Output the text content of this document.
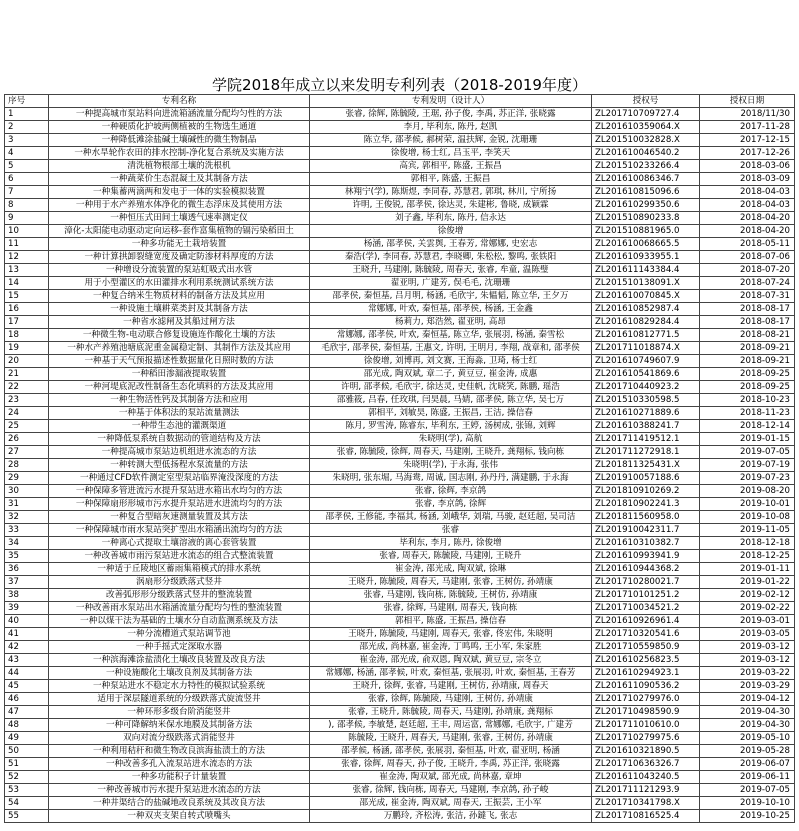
学院2018年成立以来发明专利列表（2018-2019年度）
序号	专利名称	专利发明（设计人）	授权号	授权日期
1	一种提高城市泵站料向进流箱涵流量分配均匀性的方法	张睿, 徐辉, 陈毓陵, 王琚, 孙子俊, 李禹, 苏正洋, 张晓露	ZL201710709727.4	2018/11/30
2	一种硬质化护坡两侧植被的生物选生通道	李月, 毕利东, 陈丹, 赵凯	ZL201610359064.X	2017-11-28
3	一种降低滩涂盐碱土壤碱性的微生物制品	陈立华, 邵孝候, 郝树荣, 温扶辉, 金锐, 沈珊珊	ZL201510032828.X	2017-12-15
4	一种水旱轮作农田的排水控制-净化复合系统及实施方法	徐俊增, 杨士红, 吕玉平, 李笑天	ZL201610046540.2	2017-12-26
5	清洗植物根部土壤的洗根机	高宾, 郭相平, 陈盛, 王振昌	ZL201510233266.4	2018-03-06
6	一种蔬菜价生态混凝土及其制备方法	郭相平, 陈盛, 王振昌	ZL201610086346.7	2018-03-09
7	一种集蓄两滴两和发电于一体的实验模拟装置	林翔宁(学), 陈斯煜, 李同春, 苏慧君, 郭琪, 林川, 宁所扬	ZL201610815096.6	2018-04-03
8	一种用于水产养殖水体净化的微生态浮床及其使用方法	许明, 王俊锐, 邵孝侯, 徐达灵, 朱建彬, 鲁晓, 成颖霖	ZL201610299350.6	2018-04-03
9	一种恒压式田间土壤透气速率测定仪	刘子鑫, 毕利东, 陈丹, 信永达	ZL201510890233.8	2018-04-20
10	漳化-太阳能电动驱动定向运移-套作富集植物的镉污染稻田土	徐俊增	ZL201510881965.0	2018-04-20
11	一种多功能无土栽培装置	杨涵, 邵孝侯, 关雲舆, 王春芳, 常娜娜, 史宏志	ZL201610068665.5	2018-05-11
12	一种计算拱卸裂缝宽度及确定防渗材料厚度的方法	秦浩(学), 李同春, 苏慧君, 李晓卿, 朱松松, 黎鸣, 张铁阳	ZL201610933955.1	2018-07-06
13	一种增设分流装置的泵站虹吸式出水管	王晓升, 马建刚, 陈毓陵, 周春天, 张睿, 牟童, 温陈璧	ZL201611143384.4	2018-07-20
14	用于小型灌区的水田灌排水利用系统测试系统方法	翟亚明, 广建芳, 俣毛毛, 沈珊珊	ZL201510138091.X	2018-07-24
15	一种复合纳米生物质材料的制备方法及其应用	邵孝侯, 秦恒基, 吕月明, 杨涵, 毛欣宇, 朱韫韬, 陈立华, 王夕万	ZL201610070845.X	2018-07-31
16	一种设施土壤耕菜类封及其制备方法	常娜娜, 叶欢, 秦恒基, 邵孝侯, 杨涵, 王金鑫	ZL201610852987.4	2018-08-17
17	一种省水滤闸及其船过闸方法	杨莉力, 郑浩然, 翟亚明, 高昂	ZL201610829284.4	2018-08-17
18	一种微生物-电动联合修复设施连作酸化土壤的方法	常娜娜, 邵孝侯, 叶欢, 秦恒基, 陈立华, 张展羽, 杨涵, 秦雪松	ZL201610812771.5	2018-08-21
19	一种水产养殖池塘底泥重金属稳定制、其制作方法及其应用	毛欣宇, 邵孝侯, 秦恒基, 王惠文, 许明, 王明月, 李翔, 战章和, 邵孝侯	ZL201711018874.X	2018-09-21
20	一种基于天气预报描述性数据量化日照时数的方法	徐俊增, 刘博再, 刘文赛, 王海淼, 卫琦, 杨士红	ZL201610749607.9	2018-09-21
21	一种稻田渗漏液提取装置	邵光成, 陶双斌, 章二子, 黄豆豆, 崔金涛, 成惠	ZL201610541869.6	2018-09-25
22	一种河堤底泥改性制备生态化填料的方法及其应用	许明, 邵孝候, 毛欣宇, 徐达灵, 史佳帆, 沈晓笑, 陈鹏, 瑶浩	ZL201710440923.2	2018-09-25
23	一种生物活性钙及其制备方法和应用	邵雅筱, 吕春, 任玫琪, 闫昊晨, 马婧, 邵孝侯, 陈立华, 吴七万	ZL201510330598.5	2018-10-23
24	一种基于体积法的泵站流量测法	郭相平, 刘敏昊, 陈盛, 王振昌, 王洁, 操信春	ZL201610271889.6	2018-11-23
25	一种带生态池的灌溉渠道	陈月, 罗雪涛, 陈睿东, 毕利东, 王婷, 汤树成, 张锦, 刘辉	ZL201610388241.7	2018-12-14
26	一种降低泵系统自数据动的管道结构及方法	朱晓明(学), 高航	ZL201711419512.1	2019-01-15
27	一种提高城市泵站边机组进水流态的方法	张睿, 陈毓陵, 徐辉, 周春天, 马建刚, 王晓升, 龚翔标, 钱向栋	ZL201711272918.1	2019-07-05
28	一种转测大型低扬程水泵流量的方法	朱晓明(学), 于永海, 张伟	ZL201811325431.X	2019-07-19
29	一种通过CFD软件测定室型泵站临界淹没深度的方法	朱晓明, 张东堀, 马海鸯, 周诚, 国志刚, 孙丹丹, 满建鹏, 于永海	ZL201910057188.6	2019-07-23
30	一种保障多管进流污水提升泵站进水箱出水均匀的方法	张睿, 徐辉, 李京鸽	ZL201810910269.2	2019-08-20
31	一种保障扇形形城市污水提升泵站进水进流均匀的方法	张睿, 李京鸽, 徐辉	ZL201810902241.3	2019-10-01
32	一种复合型暗灰速测量装置及其方法	邵孝侯, 王修能, 李福其, 杨涵, 刘峨华, 刘瑞, 马骏, 赵廷超, 吴司洁	ZL201811560958.0	2019-10-08
33	一种保障城市雨水泵站突扩型出水箱涵出流均匀的方法	张睿	ZL201910042311.7	2019-11-05
34	一种离心式提取土壤溶液的离心套管装置	毕利东, 李月, 陈丹, 徐俊增	ZL201610310382.7	2018-12-18
35	一种改善城市雨污泵站进水流态的组合式整流装置	张睿, 周春天, 陈毓陵, 马建刚, 王晓升	ZL201610993941.9	2018-12-25
36	一种适于丘陵地区蓄雨集箱模式的排水系统	崔金涛, 邵光成, 陶双斌, 徐琳	ZL201610944368.2	2019-01-11
37	涡扇形分级跌落式竖井	王晓升, 陈毓陵, 周春天, 马建刚, 张睿, 王树仿, 孙靖康	ZL201710280021.7	2019-01-22
38	改善弧形形分级跌落式竖井的整流装置	张睿, 马建刚, 钱向栋, 陈毓陵, 王树仿, 孙靖康	ZL201710101251.2	2019-02-12
39	一种改善雨水泵站出水箱涵流量分配均匀性的整流装置	张睿, 徐辉, 马建刚, 周春天, 钱向栋	ZL201710034521.2	2019-02-22
40	一种以煤干法为基础的土壤水分自动监测系统及方法	郭相平, 陈盛, 王振昌, 操信春	ZL201610926961.4	2019-03-01
41	一种分流槽道式泵站调节池	王晓升, 陈毓陵, 马建刚, 周春天, 张睿, 佟宏伟, 朱晓明	ZL201710320541.6	2019-03-05
42	一种手摇式定深取水器	邵光成, 尚林嘉, 崔金涛, 丁鸣鸣, 王小军, 朱家胜	ZL201710559850.9	2019-03-12
43	一种滨海滩涂盐渍化土壤改良装置及改良方法	崔金涛, 邵光成, 俞双恩, 陶双斌, 黄豆豆, 宗冬立	ZL201610256823.5	2019-03-12
44	一种设施酸化土壤改良剂及其制备方法	常娜娜, 杨涵, 邵孝候, 叶欢, 秦恒基, 张展羽, 叶欢, 秦恒基, 王春芳	ZL201610294923.1	2019-03-22
45	一种泵站进水不稳定水力特性的模拟试验系统	王晓升, 徐辉, 张睿, 马建刚, 王树仿, 孙靖康, 周春天	ZL201611090536.2	2019-03-29
46	适用于深层隧道系统的分级跌落式旋流竖井	张睿, 徐辉, 陈毓陵, 马建刚, 王树仿, 孙靖康	ZL201710279976.0	2019-04-12
47	一种环形多级台阶消能竖井	张睿, 王晓升, 陈毓陵, 周春天, 马建刚, 孙靖康, 龚翔标	ZL201710498590.9	2019-04-30
48	一种可降解纳米保水地膜及其制备方法	), 邵孝候, 李敏楚, 赵廷超, 王丰, 周运富, 常娜娜, 毛欣宇, 广建芳	ZL201711010610.0	2019-04-30
49	双向对流分级跌落式消能竖井	陈毓陵, 王晓升, 周春天, 马建刚, 张睿, 王树仿, 孙靖康	ZL201710279975.6	2019-05-10
50	一种利用秸秆和微生物改良滨海盐渍土的方法	邵孝候, 杨涵, 邵孝侯, 张展羽, 秦恒基, 叶欢, 翟亚明, 杨涵	ZL201610321890.5	2019-05-28
51	一种改善多孔入流泵站进水流态的方法	张睿, 徐辉, 周春天, 孙子俊, 王晓升, 李禹, 苏正洋, 张晓露	ZL201710636326.7	2019-06-07
52	一种多功能积子计量装置	崔金涛, 陶双斌, 邵光成, 尚林嘉, 章坤	ZL201611043240.5	2019-06-11
53	一种改善城市污水提升泵站进水流态的方法	张睿, 徐辉, 钱向栋, 周春天, 马建刚, 李京鸽, 孙子峻	ZL201711121293.9	2019-07-05
54	一种井渠结合的盐碱地改良系统及其改良方法	邵光成, 崔金涛, 陶双斌, 周春天, 王振芸, 王小军	ZL201710341798.X	2019-10-10
55	一种双夹支架自转式喷嘴头	万鹏玲, 齐松涛, 张洁, 孙鐽飞, 张志	ZL201710816525.4	2019-10-25
